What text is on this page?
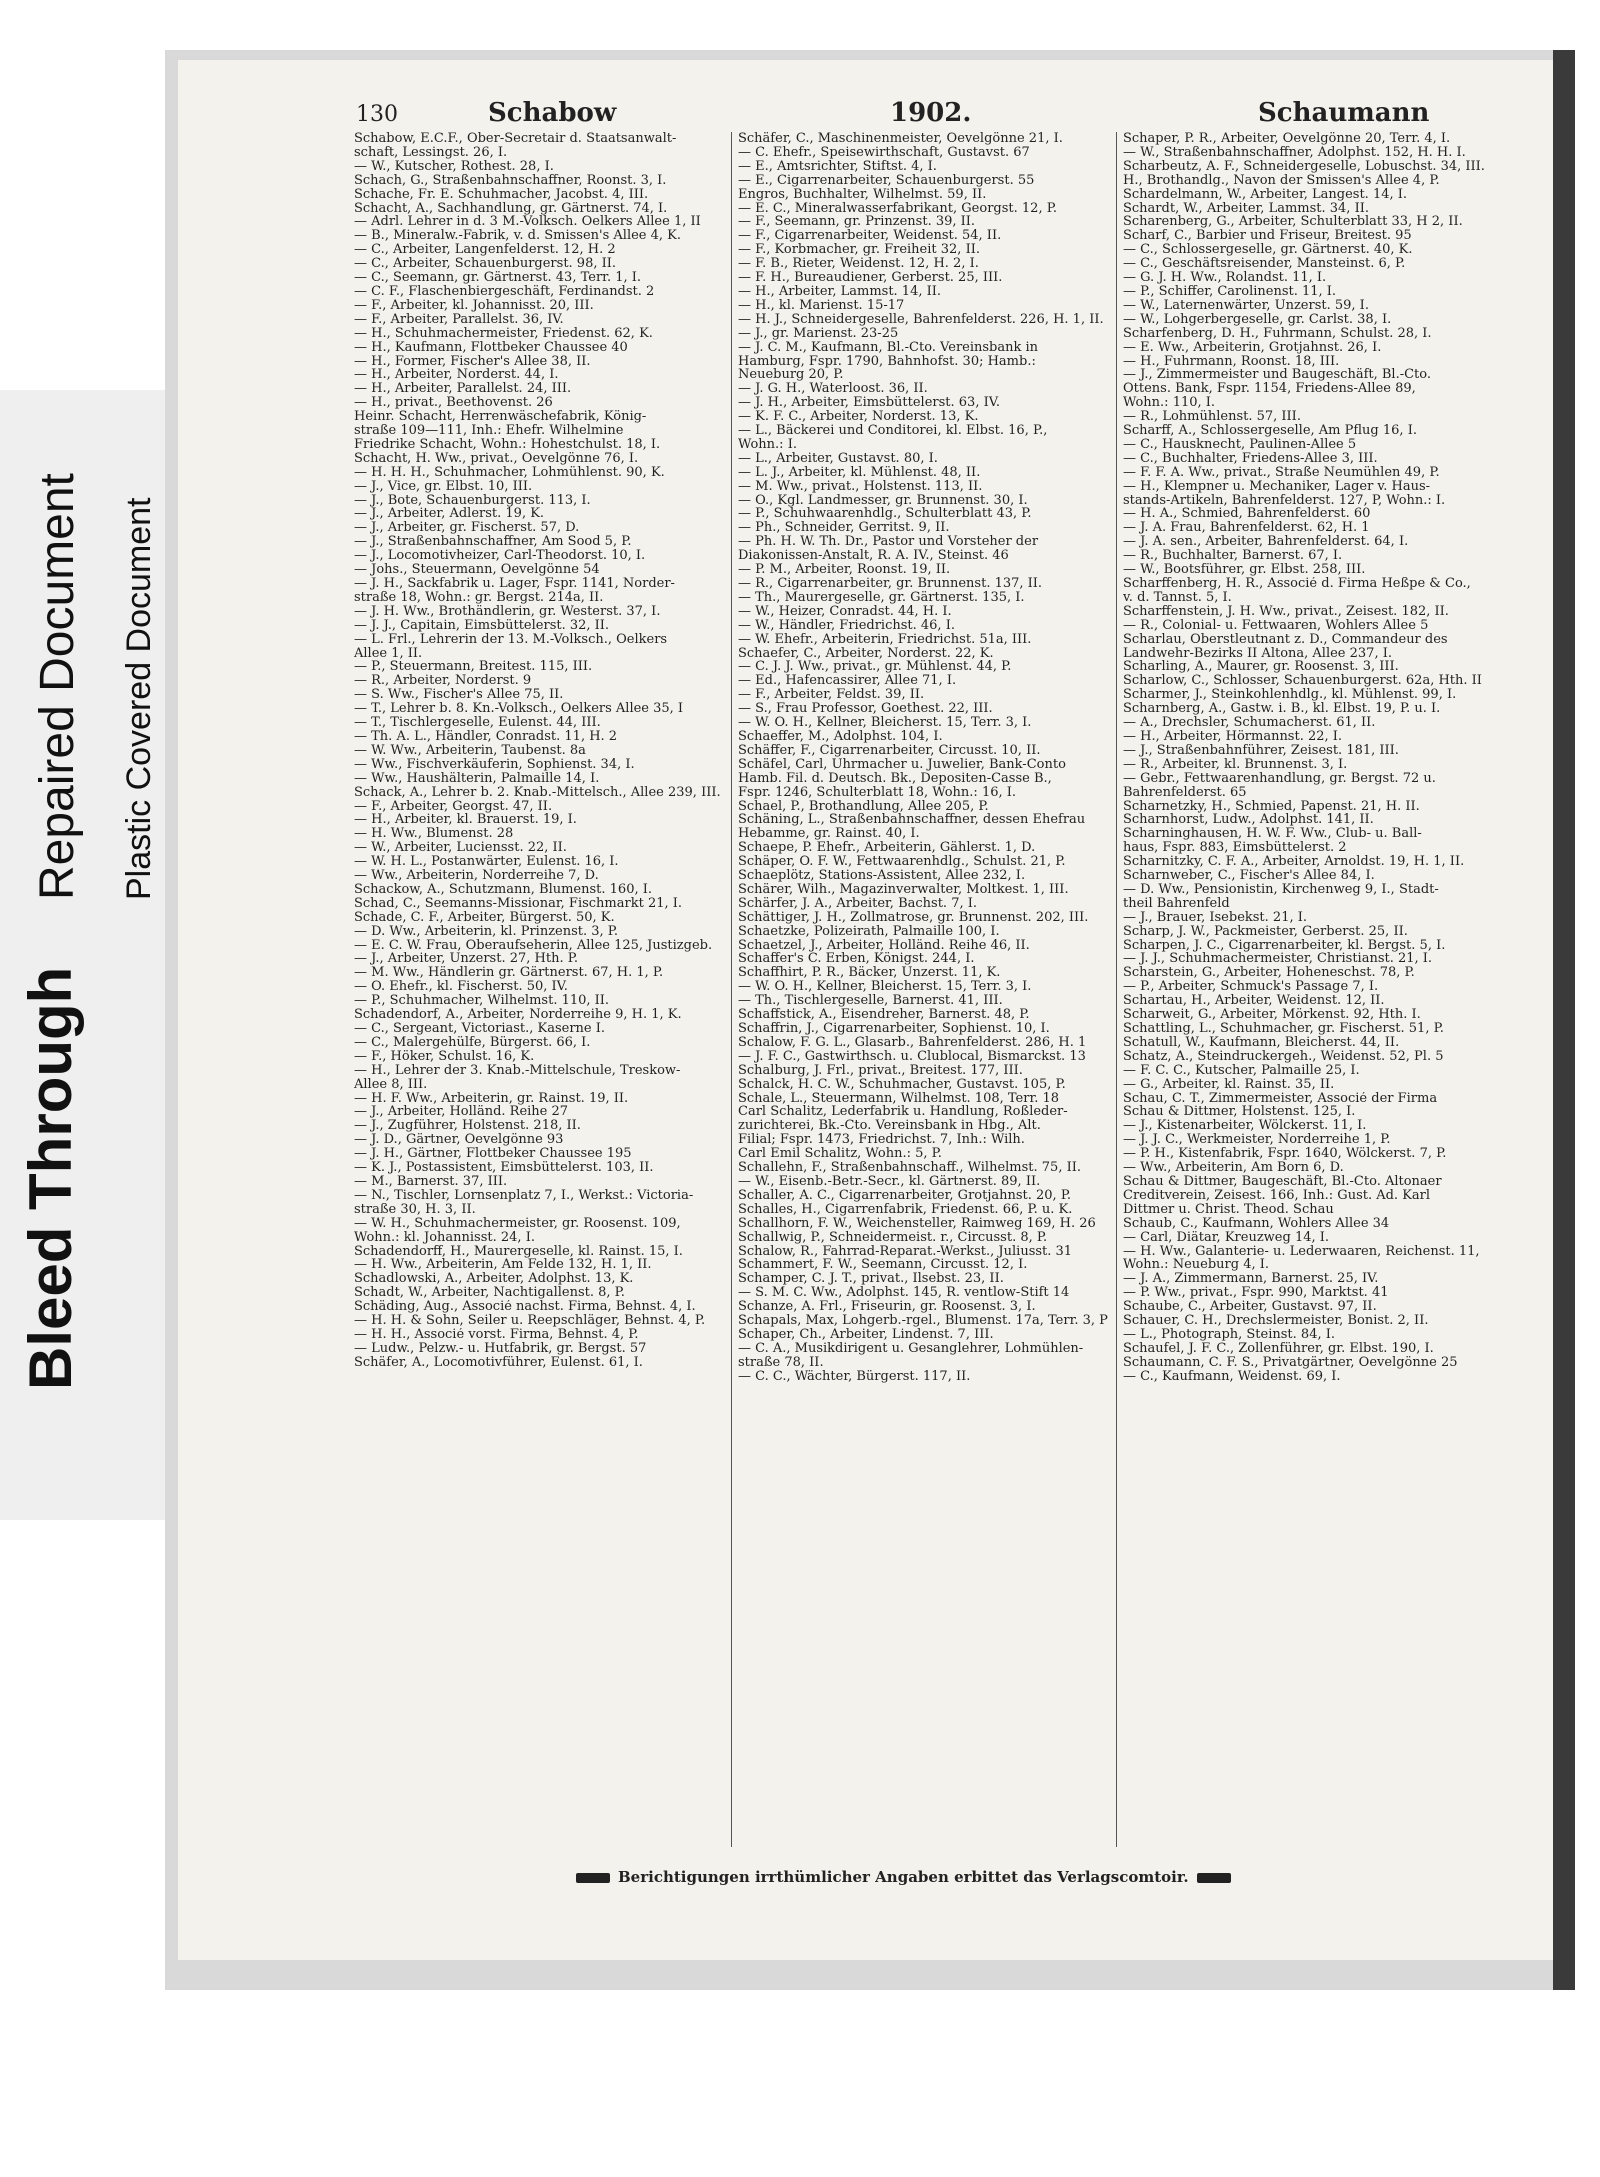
Bleed Through
Repaired Document Plastic Covered Document
130	Schabow	1902.	Schaumann
Schabow, E.C.F., Ober-Secretair d. Staatsanwalt-
schaft, Lessingst. 26, I.
— W., Kutscher, Rothest. 28, I.
Schach, G., Straßenbahnschaffner, Roonst. 3, I.
Schache, Fr. E. Schuhmacher, Jacobst. 4, III.
Schacht, A., Sachhandlung, gr. Gärtnerst. 74, I.
— Adrl. Lehrer in d. 3 M.-Volksch. Oelkers Allee 1, II
— B., Mineralw.-Fabrik, v. d. Smissen's Allee 4, K.
— C., Arbeiter, Langenfelderst. 12, H. 2
— C., Arbeiter, Schauenburgerst. 98, II.
— C., Seemann, gr. Gärtnerst. 43, Terr. 1, I.
— C. F., Flaschenbiergeschäft, Ferdinandst. 2
— F., Arbeiter, kl. Johannisst. 20, III.
— F., Arbeiter, Parallelst. 36, IV.
— H., Schuhmachermeister, Friedenst. 62, K.
— H., Kaufmann, Flottbeker Chaussee 40
— H., Former, Fischer's Allee 38, II.
— H., Arbeiter, Norderst. 44, I.
— H., Arbeiter, Parallelst. 24, III.
— H., privat., Beethovenst. 26
Heinr. Schacht, Herrenwäschefabrik, König-
straße 109—111, Inh.: Ehefr. Wilhelmine
Friedrike Schacht, Wohn.: Hohestchulst. 18, I.
Schacht, H. Ww., privat., Oevelgönne 76, I.
— H. H. H., Schuhmacher, Lohmühlenst. 90, K.
— J., Vice, gr. Elbst. 10, III.
— J., Bote, Schauenburgerst. 113, I.
— J., Arbeiter, Adlerst. 19, K.
— J., Arbeiter, gr. Fischerst. 57, D.
— J., Straßenbahnschaffner, Am Sood 5, P.
— J., Locomotivheizer, Carl-Theodorst. 10, I.
— Johs., Steuermann, Oevelgönne 54
— J. H., Sackfabrik u. Lager, Fspr. 1141, Norder-
straße 18, Wohn.: gr. Bergst. 214a, II.
— J. H. Ww., Brothändlerin, gr. Westerst. 37, I.
— J. J., Capitain, Eimsbüttelerst. 32, II.
— L. Frl., Lehrerin der 13. M.-Volksch., Oelkers
Allee 1, II.
— P., Steuermann, Breitest. 115, III.
— R., Arbeiter, Norderst. 9
— S. Ww., Fischer's Allee 75, II.
— T., Lehrer b. 8. Kn.-Volksch., Oelkers Allee 35, I
— T., Tischlergeselle, Eulenst. 44, III.
— Th. A. L., Händler, Conradst. 11, H. 2
— W. Ww., Arbeiterin, Taubenst. 8a
— Ww., Fischverkäuferin, Sophienst. 34, I.
— Ww., Haushälterin, Palmaille 14, I.
Schack, A., Lehrer b. 2. Knab.-Mittelsch., Allee 239, III.
— F., Arbeiter, Georgst. 47, II.
— H., Arbeiter, kl. Brauerst. 19, I.
— H. Ww., Blumenst. 28
— W., Arbeiter, Luciensst. 22, II.
— W. H. L., Postanwärter, Eulenst. 16, I.
— Ww., Arbeiterin, Norderreihe 7, D.
Schackow, A., Schutzmann, Blumenst. 160, I.
Schad, C., Seemanns-Missionar, Fischmarkt 21, I.
Schade, C. F., Arbeiter, Bürgerst. 50, K.
— D. Ww., Arbeiterin, kl. Prinzenst. 3, P.
— E. C. W. Frau, Oberaufseherin, Allee 125, Justizgeb.
— J., Arbeiter, Unzerst. 27, Hth. P.
— M. Ww., Händlerin gr. Gärtnerst. 67, H. 1, P.
— O. Ehefr., kl. Fischerst. 50, IV.
— P., Schuhmacher, Wilhelmst. 110, II.
Schadendorf, A., Arbeiter, Norderreihe 9, H. 1, K.
— C., Sergeant, Victoriast., Kaserne I.
— C., Malergehülfe, Bürgerst. 66, I.
— F., Höker, Schulst. 16, K.
— H., Lehrer der 3. Knab.-Mittelschule, Treskow-
Allee 8, III.
— H. F. Ww., Arbeiterin, gr. Rainst. 19, II.
— J., Arbeiter, Holländ. Reihe 27
— J., Zugführer, Holstenst. 218, II.
— J. D., Gärtner, Oevelgönne 93
— J. H., Gärtner, Flottbeker Chaussee 195
— K. J., Postassistent, Eimsbüttelerst. 103, II.
— M., Barnerst. 37, III.
— N., Tischler, Lornsenplatz 7, I., Werkst.: Victoria-
straße 30, H. 3, II.
— W. H., Schuhmachermeister, gr. Roosenst. 109,
Wohn.: kl. Johannisst. 24, I.
Schadendorff, H., Maurergeselle, kl. Rainst. 15, I.
— H. Ww., Arbeiterin, Am Felde 132, H. 1, II.
Schadlowski, A., Arbeiter, Adolphst. 13, K.
Schadt, W., Arbeiter, Nachtigallenst. 8, P.
Schäding, Aug., Associé nachst. Firma, Behnst. 4, I.
— H. H. & Sohn, Seiler u. Reepschläger, Behnst. 4, P.
— H. H., Associé vorst. Firma, Behnst. 4, P.
— Ludw., Pelzw.- u. Hutfabrik, gr. Bergst. 57
Schäfer, A., Locomotivführer, Eulenst. 61, I.
Schäfer, C., Maschinenmeister, Oevelgönne 21, I.
— C. Ehefr., Speisewirthschaft, Gustavst. 67
— E., Amtsrichter, Stiftst. 4, I.
— E., Cigarrenarbeiter, Schauenburgerst. 55
Engros, Buchhalter, Wilhelmst. 59, II.
— E. C., Mineralwasserfabrikant, Georgst. 12, P.
— F., Seemann, gr. Prinzenst. 39, II.
— F., Cigarrenarbeiter, Weidenst. 54, II.
— F., Korbmacher, gr. Freiheit 32, II.
— F. B., Rieter, Weidenst. 12, H. 2, I.
— F. H., Bureaudiener, Gerberst. 25, III.
— H., Arbeiter, Lammst. 14, II.
— H., kl. Marienst. 15-17
— H. J., Schneidergeselle, Bahrenfelderst. 226, H. 1, II.
— J., gr. Marienst. 23-25
— J. C. M., Kaufmann, Bl.-Cto. Vereinsbank in
Hamburg, Fspr. 1790, Bahnhofst. 30; Hamb.:
Neueburg 20, P.
— J. G. H., Waterloost. 36, II.
— J. H., Arbeiter, Eimsbüttelerst. 63, IV.
— K. F. C., Arbeiter, Norderst. 13, K.
— L., Bäckerei und Conditorei, kl. Elbst. 16, P.,
Wohn.: I.
— L., Arbeiter, Gustavst. 80, I.
— L. J., Arbeiter, kl. Mühlenst. 48, II.
— M. Ww., privat., Holstenst. 113, II.
— O., Kgl. Landmesser, gr. Brunnenst. 30, I.
— P., Schuhwaarenhdlg., Schulterblatt 43, P.
— Ph., Schneider, Gerritst. 9, II.
— Ph. H. W. Th. Dr., Pastor und Vorsteher der
Diakonissen-Anstalt, R. A. IV., Steinst. 46
— P. M., Arbeiter, Roonst. 19, II.
— R., Cigarrenarbeiter, gr. Brunnenst. 137, II.
— Th., Maurergeselle, gr. Gärtnerst. 135, I.
— W., Heizer, Conradst. 44, H. I.
— W., Händler, Friedrichst. 46, I.
— W. Ehefr., Arbeiterin, Friedrichst. 51a, III.
Schaefer, C., Arbeiter, Norderst. 22, K.
— C. J. J. Ww., privat., gr. Mühlenst. 44, P.
— Ed., Hafencassirer, Allee 71, I.
— F., Arbeiter, Feldst. 39, II.
— S., Frau Professor, Goethest. 22, III.
— W. O. H., Kellner, Bleicherst. 15, Terr. 3, I.
Schaeffer, M., Adolphst. 104, I.
Schäffer, F., Cigarrenarbeiter, Circusst. 10, II.
Schäfel, Carl, Uhrmacher u. Juwelier, Bank-Conto
Hamb. Fil. d. Deutsch. Bk., Depositen-Casse B.,
Fspr. 1246, Schulterblatt 18, Wohn.: 16, I.
Schael, P., Brothandlung, Allee 205, P.
Schäning, L., Straßenbahnschaffner, dessen Ehefrau
Hebamme, gr. Rainst. 40, I.
Schaepe, P. Ehefr., Arbeiterin, Gählerst. 1, D.
Schäper, O. F. W., Fettwaarenhdlg., Schulst. 21, P.
Schaeplötz, Stations-Assistent, Allee 232, I.
Schärer, Wilh., Magazinverwalter, Moltkest. 1, III.
Schärfer, J. A., Arbeiter, Bachst. 7, I.
Schättiger, J. H., Zollmatrose, gr. Brunnenst. 202, III.
Schaetzke, Polizeirath, Palmaille 100, I.
Schaetzel, J., Arbeiter, Holländ. Reihe 46, II.
Schaffer's C. Erben, Königst. 244, I.
Schaffhirt, P. R., Bäcker, Unzerst. 11, K.
— W. O. H., Kellner, Bleicherst. 15, Terr. 3, I.
— Th., Tischlergeselle, Barnerst. 41, III.
Schaffstick, A., Eisendreher, Barnerst. 48, P.
Schaffrin, J., Cigarrenarbeiter, Sophienst. 10, I.
Schalow, F. G. L., Glasarb., Bahrenfelderst. 286, H. 1
— J. F. C., Gastwirthsch. u. Clublocal, Bismarckst. 13
Schalburg, J. Frl., privat., Breitest. 177, III.
Schalck, H. C. W., Schuhmacher, Gustavst. 105, P.
Schale, L., Steuermann, Wilhelmst. 108, Terr. 18
Carl Schalitz, Lederfabrik u. Handlung, Roßleder-
zurichterei, Bk.-Cto. Vereinsbank in Hbg., Alt.
Filial; Fspr. 1473, Friedrichst. 7, Inh.: Wilh.
Carl Emil Schalitz, Wohn.: 5, P.
Schallehn, F., Straßenbahnschaff., Wilhelmst. 75, II.
— W., Eisenb.-Betr.-Secr., kl. Gärtnerst. 89, II.
Schaller, A. C., Cigarrenarbeiter, Grotjahnst. 20, P.
Schalles, H., Cigarrenfabrik, Friedenst. 66, P. u. K.
Schallhorn, F. W., Weichensteller, Raimweg 169, H. 26
Schallwig, P., Schneidermeist. r., Circusst. 8, P.
Schalow, R., Fahrrad-Reparat.-Werkst., Juliusst. 31
Schammert, F. W., Seemann, Circusst. 12, I.
Schamper, C. J. T., privat., Ilsebst. 23, II.
— S. M. C. Ww., Adolphst. 145, R. ventlow-Stift 14
Schanze, A. Frl., Friseurin, gr. Roosenst. 3, I.
Schapals, Max, Lohgerb.-rgel., Blumenst. 17a, Terr. 3, P
Schaper, Ch., Arbeiter, Lindenst. 7, III.
— C. A., Musikdirigent u. Gesanglehrer, Lohmühlen-
straße 78, II.
— C. C., Wächter, Bürgerst. 117, II.
Schaper, P. R., Arbeiter, Oevelgönne 20, Terr. 4, I.
— W., Straßenbahnschaffner, Adolphst. 152, H. H. I.
Scharbeutz, A. F., Schneidergeselle, Lobuschst. 34, III.
H., Brothandlg., Navon der Smissen's Allee 4, P.
Schardelmann, W., Arbeiter, Langest. 14, I.
Schardt, W., Arbeiter, Lammst. 34, II.
Scharenberg, G., Arbeiter, Schulterblatt 33, H 2, II.
Scharf, C., Barbier und Friseur, Breitest. 95
— C., Schlossergeselle, gr. Gärtnerst. 40, K.
— C., Geschäftsreisender, Mansteinst. 6, P.
— G. J. H. Ww., Rolandst. 11, I.
— P., Schiffer, Carolinenst. 11, I.
— W., Laternenwärter, Unzerst. 59, I.
— W., Lohgerbergeselle, gr. Carlst. 38, I.
Scharfenberg, D. H., Fuhrmann, Schulst. 28, I.
— E. Ww., Arbeiterin, Grotjahnst. 26, I.
— H., Fuhrmann, Roonst. 18, III.
— J., Zimmermeister und Baugeschäft, Bl.-Cto.
Ottens. Bank, Fspr. 1154, Friedens-Allee 89,
Wohn.: 110, I.
— R., Lohmühlenst. 57, III.
Scharff, A., Schlossergeselle, Am Pflug 16, I.
— C., Hausknecht, Paulinen-Allee 5
— C., Buchhalter, Friedens-Allee 3, III.
— F. F. A. Ww., privat., Straße Neumühlen 49, P.
— H., Klempner u. Mechaniker, Lager v. Haus-
stands-Artikeln, Bahrenfelderst. 127, P, Wohn.: I.
— H. A., Schmied, Bahrenfelderst. 60
— J. A. Frau, Bahrenfelderst. 62, H. 1
— J. A. sen., Arbeiter, Bahrenfelderst. 64, I.
— R., Buchhalter, Barnerst. 67, I.
— W., Bootsführer, gr. Elbst. 258, III.
Scharffenberg, H. R., Associé d. Firma Heßpe & Co.,
v. d. Tannst. 5, I.
Scharffenstein, J. H. Ww., privat., Zeisest. 182, II.
— R., Colonial- u. Fettwaaren, Wohlers Allee 5
Scharlau, Oberstleutnant z. D., Commandeur des
Landwehr-Bezirks II Altona, Allee 237, I.
Scharling, A., Maurer, gr. Roosenst. 3, III.
Scharlow, C., Schlosser, Schauenburgerst. 62a, Hth. II
Scharmer, J., Steinkohlenhdlg., kl. Mühlenst. 99, I.
Scharnberg, A., Gastw. i. B., kl. Elbst. 19, P. u. I.
— A., Drechsler, Schumacherst. 61, II.
— H., Arbeiter, Hörmannst. 22, I.
— J., Straßenbahnführer, Zeisest. 181, III.
— R., Arbeiter, kl. Brunnenst. 3, I.
— Gebr., Fettwaarenhandlung, gr. Bergst. 72 u.
Bahrenfelderst. 65
Scharnetzky, H., Schmied, Papenst. 21, H. II.
Scharnhorst, Ludw., Adolphst. 141, II.
Scharninghausen, H. W. F. Ww., Club- u. Ball-
haus, Fspr. 883, Eimsbüttelerst. 2
Scharnitzky, C. F. A., Arbeiter, Arnoldst. 19, H. 1, II.
Scharnweber, C., Fischer's Allee 84, I.
— D. Ww., Pensionistin, Kirchenweg 9, I., Stadt-
theil Bahrenfeld
— J., Brauer, Isebekst. 21, I.
Scharp, J. W., Packmeister, Gerberst. 25, II.
Scharpen, J. C., Cigarrenarbeiter, kl. Bergst. 5, I.
— J. J., Schuhmachermeister, Christianst. 21, I.
Scharstein, G., Arbeiter, Hoheneschst. 78, P.
— P., Arbeiter, Schmuck's Passage 7, I.
Schartau, H., Arbeiter, Weidenst. 12, II.
Scharweit, G., Arbeiter, Mörkenst. 92, Hth. I.
Schattling, L., Schuhmacher, gr. Fischerst. 51, P.
Schatull, W., Kaufmann, Bleicherst. 44, II.
Schatz, A., Steindruckergeh., Weidenst. 52, Pl. 5
— F. C. C., Kutscher, Palmaille 25, I.
— G., Arbeiter, kl. Rainst. 35, II.
Schau, C. T., Zimmermeister, Associé der Firma
Schau & Dittmer, Holstenst. 125, I.
— J., Kistenarbeiter, Wölckerst. 11, I.
— J. J. C., Werkmeister, Norderreihe 1, P.
— P. H., Kistenfabrik, Fspr. 1640, Wölckerst. 7, P.
— Ww., Arbeiterin, Am Born 6, D.
Schau & Dittmer, Baugeschäft, Bl.-Cto. Altonaer
Creditverein, Zeisest. 166, Inh.: Gust. Ad. Karl
Dittmer u. Christ. Theod. Schau
Schaub, C., Kaufmann, Wohlers Allee 34
— Carl, Diätar, Kreuzweg 14, I.
— H. Ww., Galanterie- u. Lederwaaren, Reichenst. 11,
Wohn.: Neueburg 4, I.
— J. A., Zimmermann, Barnerst. 25, IV.
— P. Ww., privat., Fspr. 990, Marktst. 41
Schaube, C., Arbeiter, Gustavst. 97, II.
Schauer, C. H., Drechslermeister, Bonist. 2, II.
— L., Photograph, Steinst. 84, I.
Schaufel, J. F. C., Zollenführer, gr. Elbst. 190, I.
Schaumann, C. F. S., Privatgärtner, Oevelgönne 25
— C., Kaufmann, Weidenst. 69, I.
Berichtigungen irrthümlicher Angaben erbittet das Verlagscomtoir.
